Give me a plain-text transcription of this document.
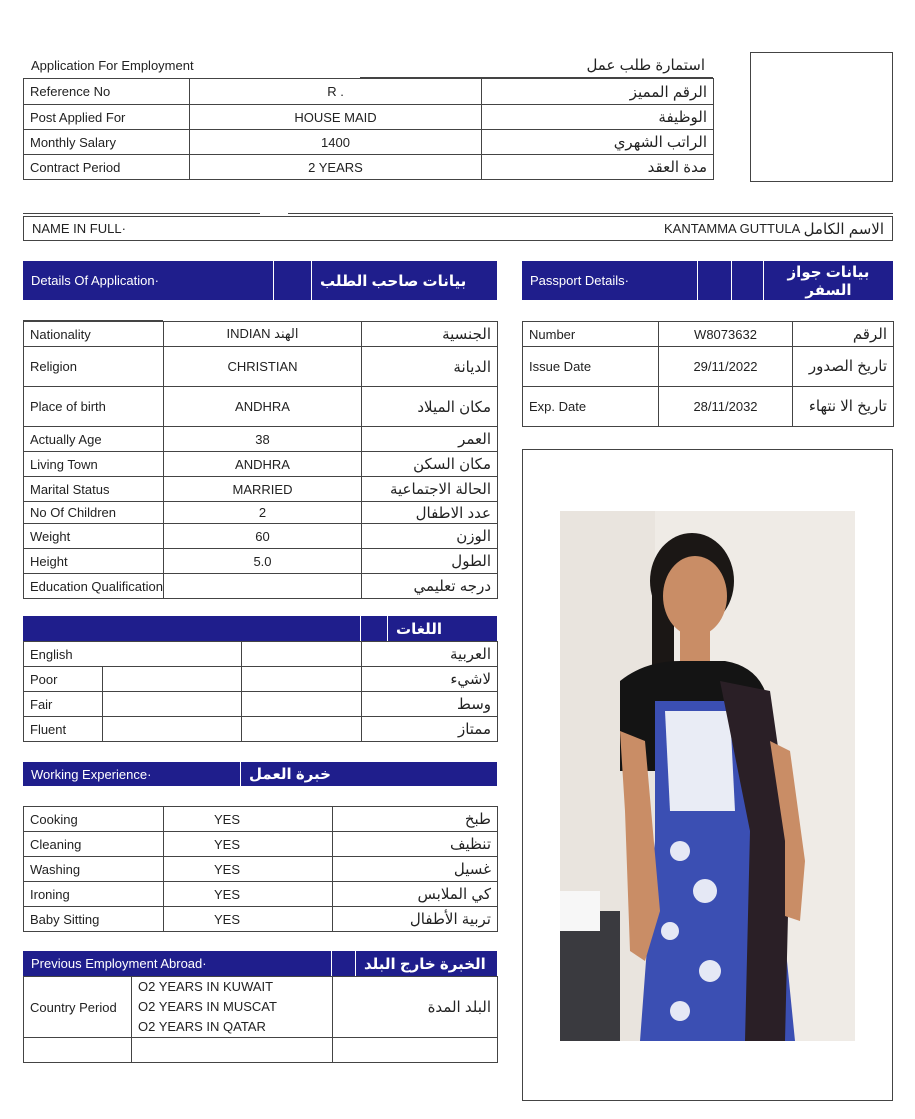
Application For Employment	استمارة طلب عمل
Reference No	R .	الرقم المميز
Post Applied For	HOUSE MAID	الوظيفة
Monthly Salary	1400	الراتب الشهري
Contract Period	2 YEARS	مدة العقد
NAME IN FULL·	KANTAMMA GUTTULA
الاسم الكامل ·
Details Of Application·	بيانات صاحب الطلب	Passport Details·	بيانات جواز السفر
Nationality	INDIAN الهند	الجنسية
Religion	CHRISTIAN	الديانة
Place of birth	ANDHRA	مكان الميلاد
Actually Age	38	العمر
Living Town	ANDHRA	مكان السكن
Marital Status	MARRIED	الحالة الاجتماعية
No Of Children	2	عدد الاطفال
Weight	60	الوزن
Height	5.0	الطول
Education Qualification		درجه تعليمي
Number	W8073632	الرقم
Issue Date	29/11/2022	تاريخ الصدور
Exp. Date	28/11/2032	تاريخ الا نتهاء
اللغات
English			العربية
Poor			لاشيء
Fair			وسط
Fluent			ممتاز
Working Experience·	خبرة العمل
Cooking	YES	طبخ
Cleaning	YES	تنظيف
Washing	YES	غسيل
Ironing	YES	كي الملابس
Baby Sitting	YES	تربية الأطفال
Previous Employment Abroad·	الخبرة خارج البلد
Country Period	O2 YEARS IN KUWAIT
O2 YEARS IN MUSCAT
O2 YEARS IN QATAR	البلد المدة
